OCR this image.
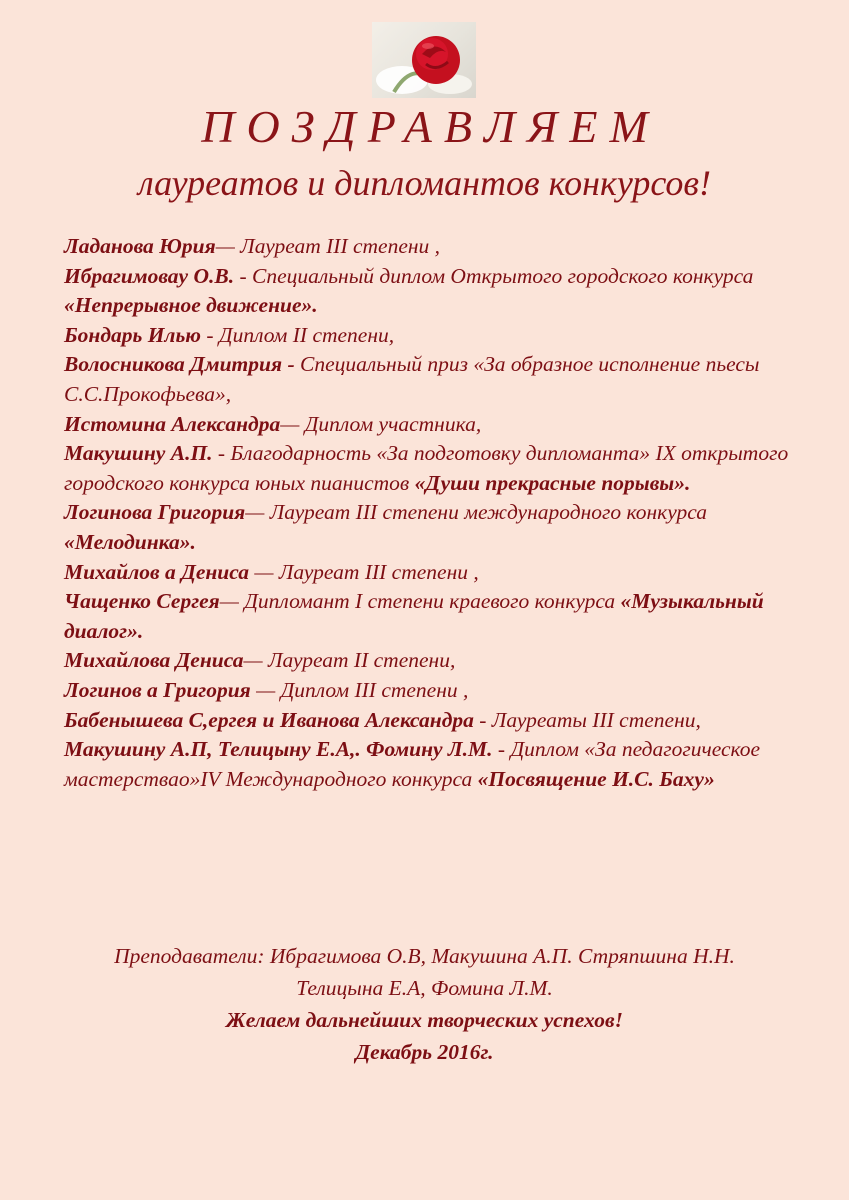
ПОЗДРАВЛЯЕМ
лауреатов и дипломантов конкурсов!

Ладанова Юрия— Лауреат III степени ,

Ибрагимоваy О.В. - Специальный диплом Открытого городского конкурса «Непрерывное движение».

Бондарь Илью - Диплом II степени,

Волосникова Дмитрия - Специальный приз «За образное исполнение пьесы С.С.Прокофьева»,

Истомина Александра— Диплом участника,

Макушину А.П. - Благодарность «За подготовку дипломанта» IX открытого городского конкурса юных пианистов «Души прекрасные порывы».

Логинова Григория— Лауреат III степени международного конкурса «Мелодинка».

Михайлов а Дениса — Лауреат III степени ,

Чащенко Сергея— Дипломант I степени краевого конкурса «Музыкальный диалог».

Михайлова Дениса— Лауреат II степени,

Логинов а Григория — Диплом III степени ,

Бабенышева С,ергея и Иванова Александра - Лауреаты III степени,

Макушину А.П, Телицыну Е.А,. Фомину Л.М. - Диплом «За педагогическое мастерстваo»IV Международного конкурса «Посвящение И.С. Баху»

Преподаватели: Ибрагимова О.В, Макушина А.П. Стряпшина Н.Н.
Телицына Е.А, Фомина Л.М.
Желаем дальнейших творческих успехов!
Декабрь 2016г.
